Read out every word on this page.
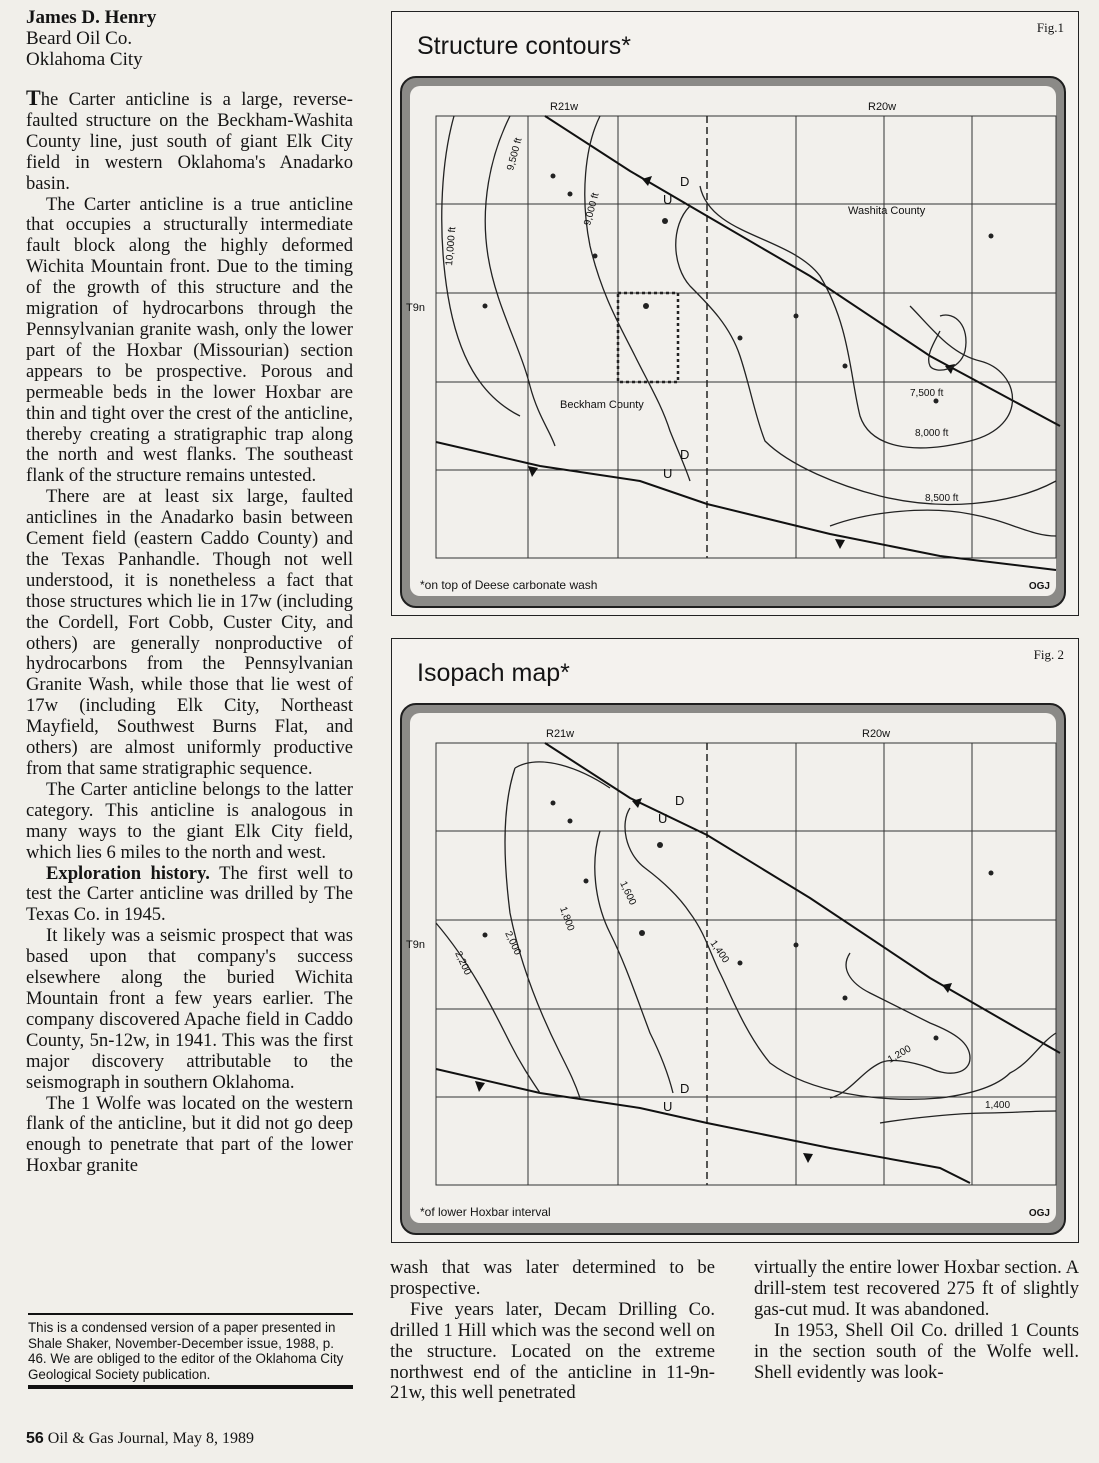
James D. Henry
Beard Oil Co.
Oklahoma City

The Carter anticline is a large, reverse-faulted structure on the Beckham-Washita County line, just south of giant Elk City field in western Oklahoma's Anadarko basin.

The Carter anticline is a true anticline that occupies a structurally intermediate fault block along the highly deformed Wichita Mountain front. Due to the timing of the growth of this structure and the migration of hydrocarbons through the Pennsylvanian granite wash, only the lower part of the Hoxbar (Missourian) section appears to be prospective. Porous and permeable beds in the lower Hoxbar are thin and tight over the crest of the anticline, thereby creating a stratigraphic trap along the north and west flanks. The southeast flank of the structure remains untested.

There are at least six large, faulted anticlines in the Anadarko basin between Cement field (eastern Caddo County) and the Texas Panhandle. Though not well understood, it is nonetheless a fact that those structures which lie in 17w (including the Cordell, Fort Cobb, Custer City, and others) are generally nonproductive of hydrocarbons from the Pennsylvanian Granite Wash, while those that lie west of 17w (including Elk City, Northeast Mayfield, Southwest Burns Flat, and others) are almost uniformly productive from that same stratigraphic sequence.

The Carter anticline belongs to the latter category. This anticline is analogous in many ways to the giant Elk City field, which lies 6 miles to the north and west.

Exploration history. The first well to test the Carter anticline was drilled by The Texas Co. in 1945.

It likely was a seismic prospect that was based upon that company's success elsewhere along the buried Wichita Mountain front a few years earlier. The company discovered Apache field in Caddo County, 5n-12w, in 1941. This was the first major discovery attributable to the seismograph in southern Oklahoma.

The 1 Wolfe was located on the western flank of the anticline, but it did not go deep enough to penetrate that part of the lower Hoxbar granite

This is a condensed version of a paper presented in Shale Shaker, November-December issue, 1988, p. 46. We are obliged to the editor of the Oklahoma City Geological Society publication.

wash that was later determined to be prospective.

Five years later, Decam Drilling Co. drilled 1 Hill which was the second well on the structure. Located on the extreme northwest end of the anticline in 11-9n-21w, this well penetrated

virtually the entire lower Hoxbar section. A drill-stem test recovered 275 ft of slightly gas-cut mud. It was abandoned.

In 1953, Shell Oil Co. drilled 1 Counts in the section south of the Wolfe well. Shell evidently was look-

56 Oil & Gas Journal, May 8, 1989
Fig.1
Structure contours*
R21w	R20w
T9n
Washita County
Beckham County
D
U
D
U
10,000 ft
9,500 ft
9,000 ft
7,500 ft
8,000 ft
8,500 ft
*on top of Deese carbonate wash	OGJ
Fig. 2
Isopach map*
R21w	R20w
T9n
D
U
D
U
2,200
2,000
1,800
1,600
1,400
1,200
1,400
*of lower Hoxbar interval	OGJ
